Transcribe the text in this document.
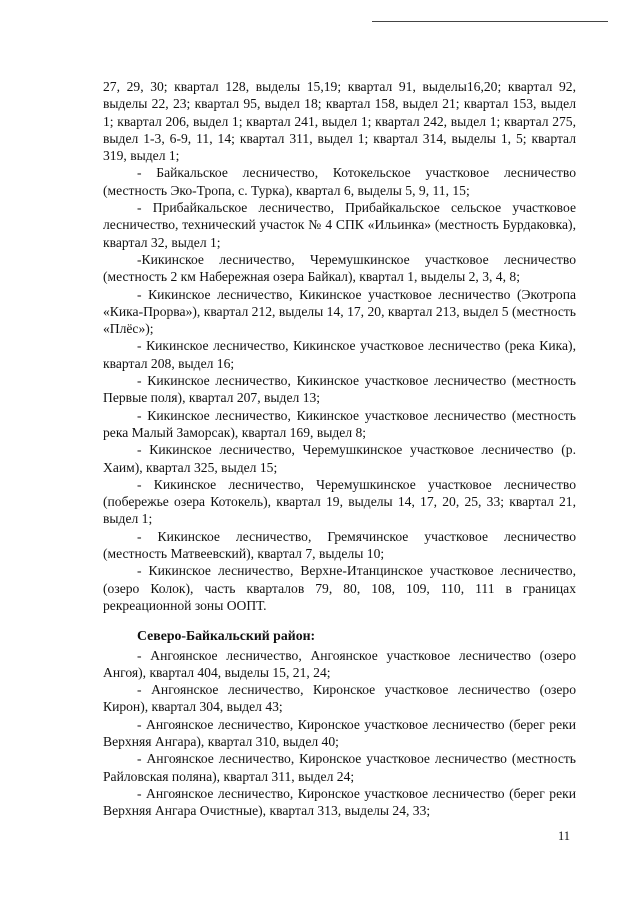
27, 29, 30; квартал 128, выделы 15,19; квартал 91, выделы16,20; квартал 92, выделы 22, 23; квартал 95, выдел 18; квартал 158, выдел 21; квартал 153, выдел 1; квартал 206, выдел 1; квартал 241, выдел 1; квартал 242, выдел 1; квартал 275, выдел 1-3, 6-9, 11, 14; квартал 311, выдел 1; квартал 314, выделы 1, 5; квартал 319, выдел 1;

- Байкальское лесничество, Котокельское участковое лесничество (местность Эко-Тропа, с. Турка), квартал 6, выделы 5, 9, 11, 15;

- Прибайкальское лесничество, Прибайкальское сельское участковое лесничество, технический участок № 4 СПК «Ильинка» (местность Бурдаковка), квартал 32, выдел 1;

-Кикинское лесничество, Черемушкинское участковое лесничество (местность 2 км Набережная озера Байкал), квартал 1, выделы 2, 3, 4, 8;

- Кикинское лесничество, Кикинское участковое лесничество (Экотропа «Кика-Прорва»), квартал 212, выделы 14, 17, 20, квартал 213, выдел 5 (местность «Плёс»);

- Кикинское лесничество, Кикинское участковое лесничество (река Кика), квартал 208, выдел 16;

- Кикинское лесничество, Кикинское участковое лесничество (местность Первые поля), квартал 207, выдел 13;

- Кикинское лесничество, Кикинское участковое лесничество (местность река Малый Заморсак), квартал 169, выдел 8;

- Кикинское лесничество, Черемушкинское участковое лесничество (р. Хаим), квартал 325, выдел 15;

- Кикинское лесничество, Черемушкинское участковое лесничество (побережье озера Котокель), квартал 19, выделы 14, 17, 20, 25, 33; квартал 21, выдел 1;

- Кикинское лесничество, Гремячинское участковое лесничество (местность Матвеевский), квартал 7, выделы 10;

- Кикинское лесничество, Верхне-Итанцинское участковое лесничество, (озеро Колок), часть кварталов 79, 80, 108, 109, 110, 111 в границах рекреационной зоны ООПТ.

Северо-Байкальский район:

- Ангоянское лесничество, Ангоянское участковое лесничество (озеро Ангоя), квартал 404, выделы 15, 21, 24;

- Ангоянское лесничество, Киронское участковое лесничество (озеро Кирон), квартал 304, выдел 43;

- Ангоянское лесничество, Киронское участковое лесничество (берег реки Верхняя Ангара), квартал 310, выдел 40;

- Ангоянское лесничество, Киронское участковое лесничество (местность Райловская поляна), квартал 311, выдел 24;

- Ангоянское лесничество, Киронское участковое лесничество (берег реки Верхняя Ангара Очистные), квартал 313, выделы 24, 33;

11
